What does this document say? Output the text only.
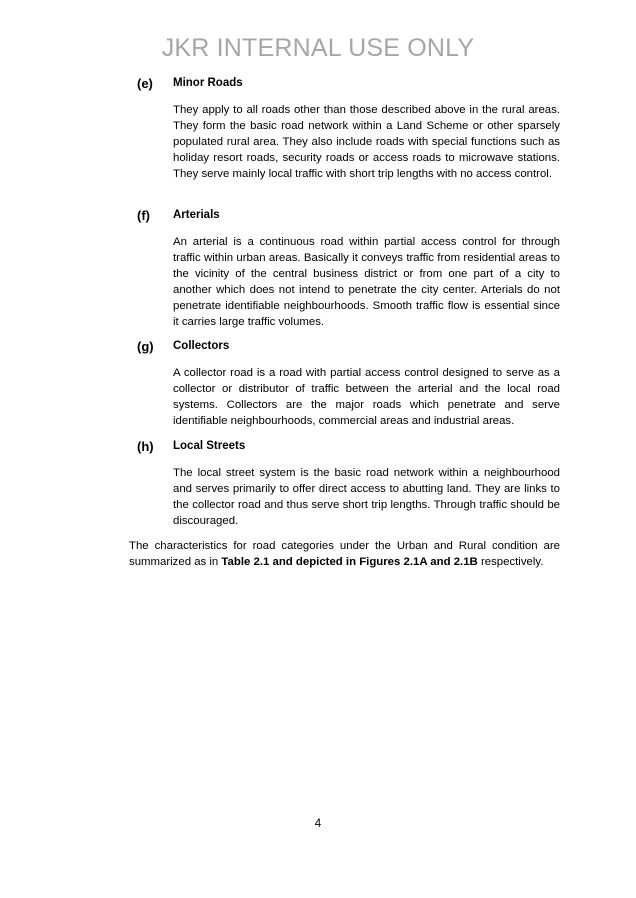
JKR INTERNAL USE ONLY
(e) Minor Roads
They apply to all roads other than those described above in the rural areas. They form the basic road network within a Land Scheme or other sparsely populated rural area. They also include roads with special functions such as holiday resort roads, security roads or access roads to microwave stations. They serve mainly local traffic with short trip lengths with no access control.
(f) Arterials
An arterial is a continuous road within partial access control for through traffic within urban areas. Basically it conveys traffic from residential areas to the vicinity of the central business district or from one part of a city to another which does not intend to penetrate the city center. Arterials do not penetrate identifiable neighbourhoods. Smooth traffic flow is essential since it carries large traffic volumes.
(g) Collectors
A collector road is a road with partial access control designed to serve as a collector or distributor of traffic between the arterial and the local road systems. Collectors are the major roads which penetrate and serve identifiable neighbourhoods, commercial areas and industrial areas.
(h) Local Streets
The local street system is the basic road network within a neighbourhood and serves primarily to offer direct access to abutting land. They are links to the collector road and thus serve short trip lengths. Through traffic should be discouraged.
The characteristics for road categories under the Urban and Rural condition are summarized as in Table 2.1 and depicted in Figures 2.1A and 2.1B respectively.
4
